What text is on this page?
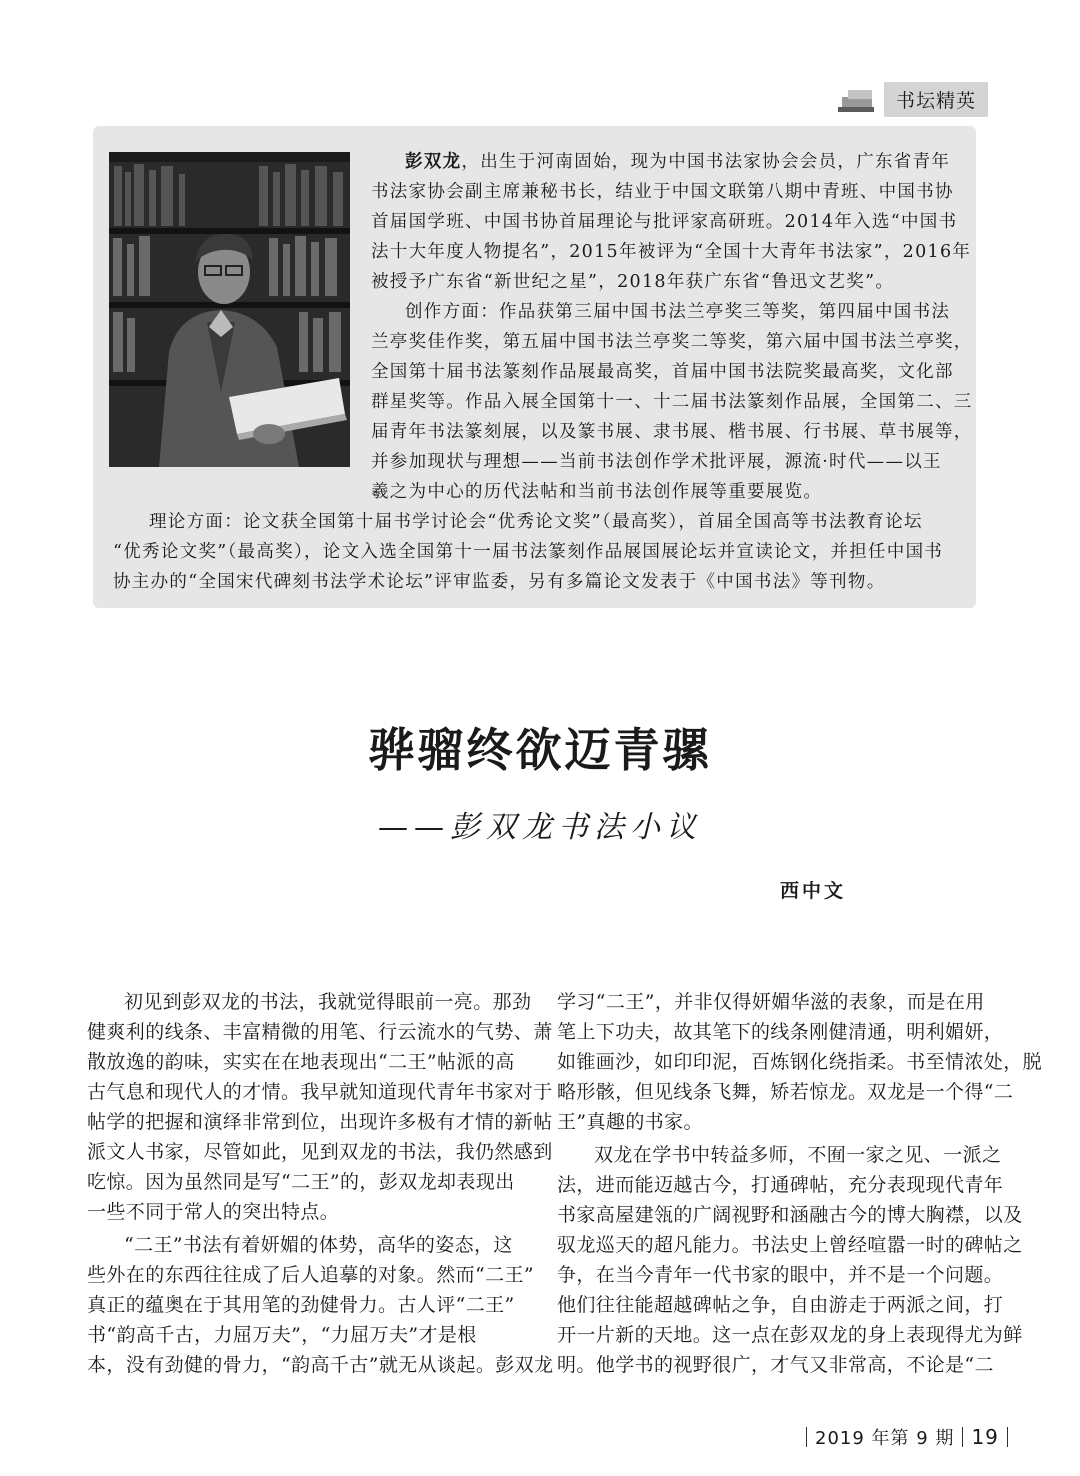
书坛精英
彭双龙，出生于河南固始，现为中国书法家协会会员，广东省青年
书法家协会副主席兼秘书长，结业于中国文联第八期中青班、中国书协
首届国学班、中国书协首届理论与批评家高研班。2014年入选“中国书
法十大年度人物提名”，2015年被评为“全国十大青年书法家”，2016年
被授予广东省“新世纪之星”，2018年获广东省“鲁迅文艺奖”。
创作方面：作品获第三届中国书法兰亭奖三等奖，第四届中国书法
兰亭奖佳作奖，第五届中国书法兰亭奖二等奖，第六届中国书法兰亭奖，
全国第十届书法篆刻作品展最高奖，首届中国书法院奖最高奖，文化部
群星奖等。作品入展全国第十一、十二届书法篆刻作品展，全国第二、三
届青年书法篆刻展，以及篆书展、隶书展、楷书展、行书展、草书展等，
并参加现状与理想——当前书法创作学术批评展，源流·时代——以王
羲之为中心的历代法帖和当前书法创作展等重要展览。
理论方面：论文获全国第十届书学讨论会“优秀论文奖”（最高奖），首届全国高等书法教育论坛
“优秀论文奖”（最高奖），论文入选全国第十一届书法篆刻作品展国展论坛并宣读论文，并担任中国书
协主办的“全国宋代碑刻书法学术论坛”评审监委，另有多篇论文发表于《中国书法》等刊物。
骅骝终欲迈青骡
——彭双龙书法小议
西中文
初见到彭双龙的书法，我就觉得眼前一亮。那劲
健爽利的线条、丰富精微的用笔、行云流水的气势、萧
散放逸的韵味，实实在在地表现出“二王”帖派的高
古气息和现代人的才情。我早就知道现代青年书家对于
帖学的把握和演绎非常到位，出现许多极有才情的新帖
派文人书家，尽管如此，见到双龙的书法，我仍然感到
吃惊。因为虽然同是写“二王”的，彭双龙却表现出
一些不同于常人的突出特点。
“二王”书法有着妍媚的体势，高华的姿态，这
些外在的东西往往成了后人追摹的对象。然而“二王”
真正的蕴奥在于其用笔的劲健骨力。古人评“二王”
书“韵高千古，力屈万夫”，“力屈万夫”才是根
本，没有劲健的骨力，“韵高千古”就无从谈起。彭双龙
学习“二王”，并非仅得妍媚华滋的表象，而是在用
笔上下功夫，故其笔下的线条刚健清通，明利媚妍，
如锥画沙，如印印泥，百炼钢化绕指柔。书至情浓处，脱
略形骸，但见线条飞舞，矫若惊龙。双龙是一个得“二
王”真趣的书家。
双龙在学书中转益多师，不囿一家之见、一派之
法，进而能迈越古今，打通碑帖，充分表现现代青年
书家高屋建瓴的广阔视野和涵融古今的博大胸襟，以及
驭龙巡天的超凡能力。书法史上曾经喧嚣一时的碑帖之
争，在当今青年一代书家的眼中，并不是一个问题。
他们往往能超越碑帖之争，自由游走于两派之间，打
开一片新的天地。这一点在彭双龙的身上表现得尤为鲜
明。他学书的视野很广，才气又非常高，不论是“二
2019 年第 9 期 19
